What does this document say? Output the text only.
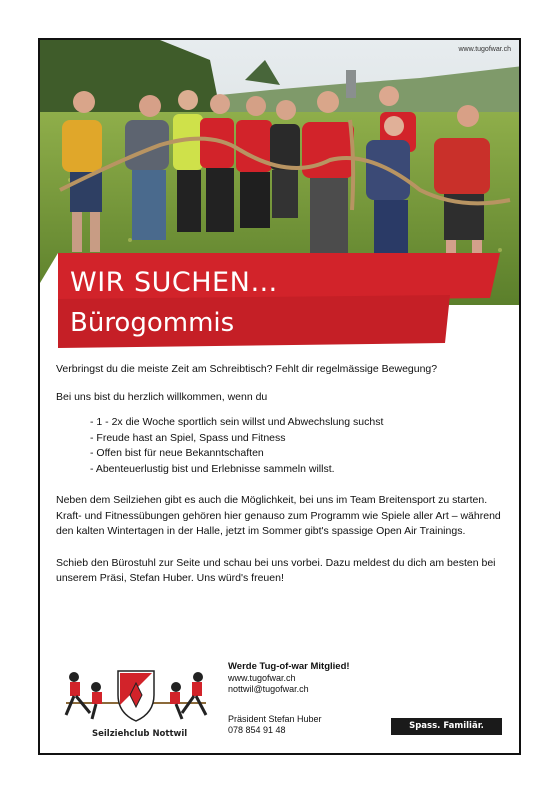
www.tugofwar.ch
WIR SUCHEN…
Bürogommis

Verbringst du die meiste Zeit am Schreibtisch? Fehlt dir regelmässige Bewegung?

Bei uns bist du herzlich willkommen, wenn du

- 1 - 2x die Woche sportlich sein willst und Abwechslung suchst
- Freude hast an Spiel, Spass und Fitness
- Offen bist für neue Bekanntschaften
- Abenteuerlustig bist und Erlebnisse sammeln willst.

Neben dem Seilziehen gibt es auch die Möglichkeit, bei uns im Team Breitensport zu starten. Kraft- und Fitnessübungen gehören hier genauso zum Programm wie Spiele aller Art – während den kalten Wintertagen in der Halle, jetzt im Sommer gibt's spassige Open Air Trainings.

Schieb den Bürostuhl zur Seite und schau bei uns vorbei. Dazu meldest du dich am besten bei unserem Präsi, Stefan Huber. Uns würd's freuen!

Seilziehclub Nottwil
Werde Tug-of-war Mitglied!
www.tugofwar.ch
nottwil@tugofwar.ch
Präsident Stefan Huber
078 854 91 48	Spass. Familiär. Fitness.
